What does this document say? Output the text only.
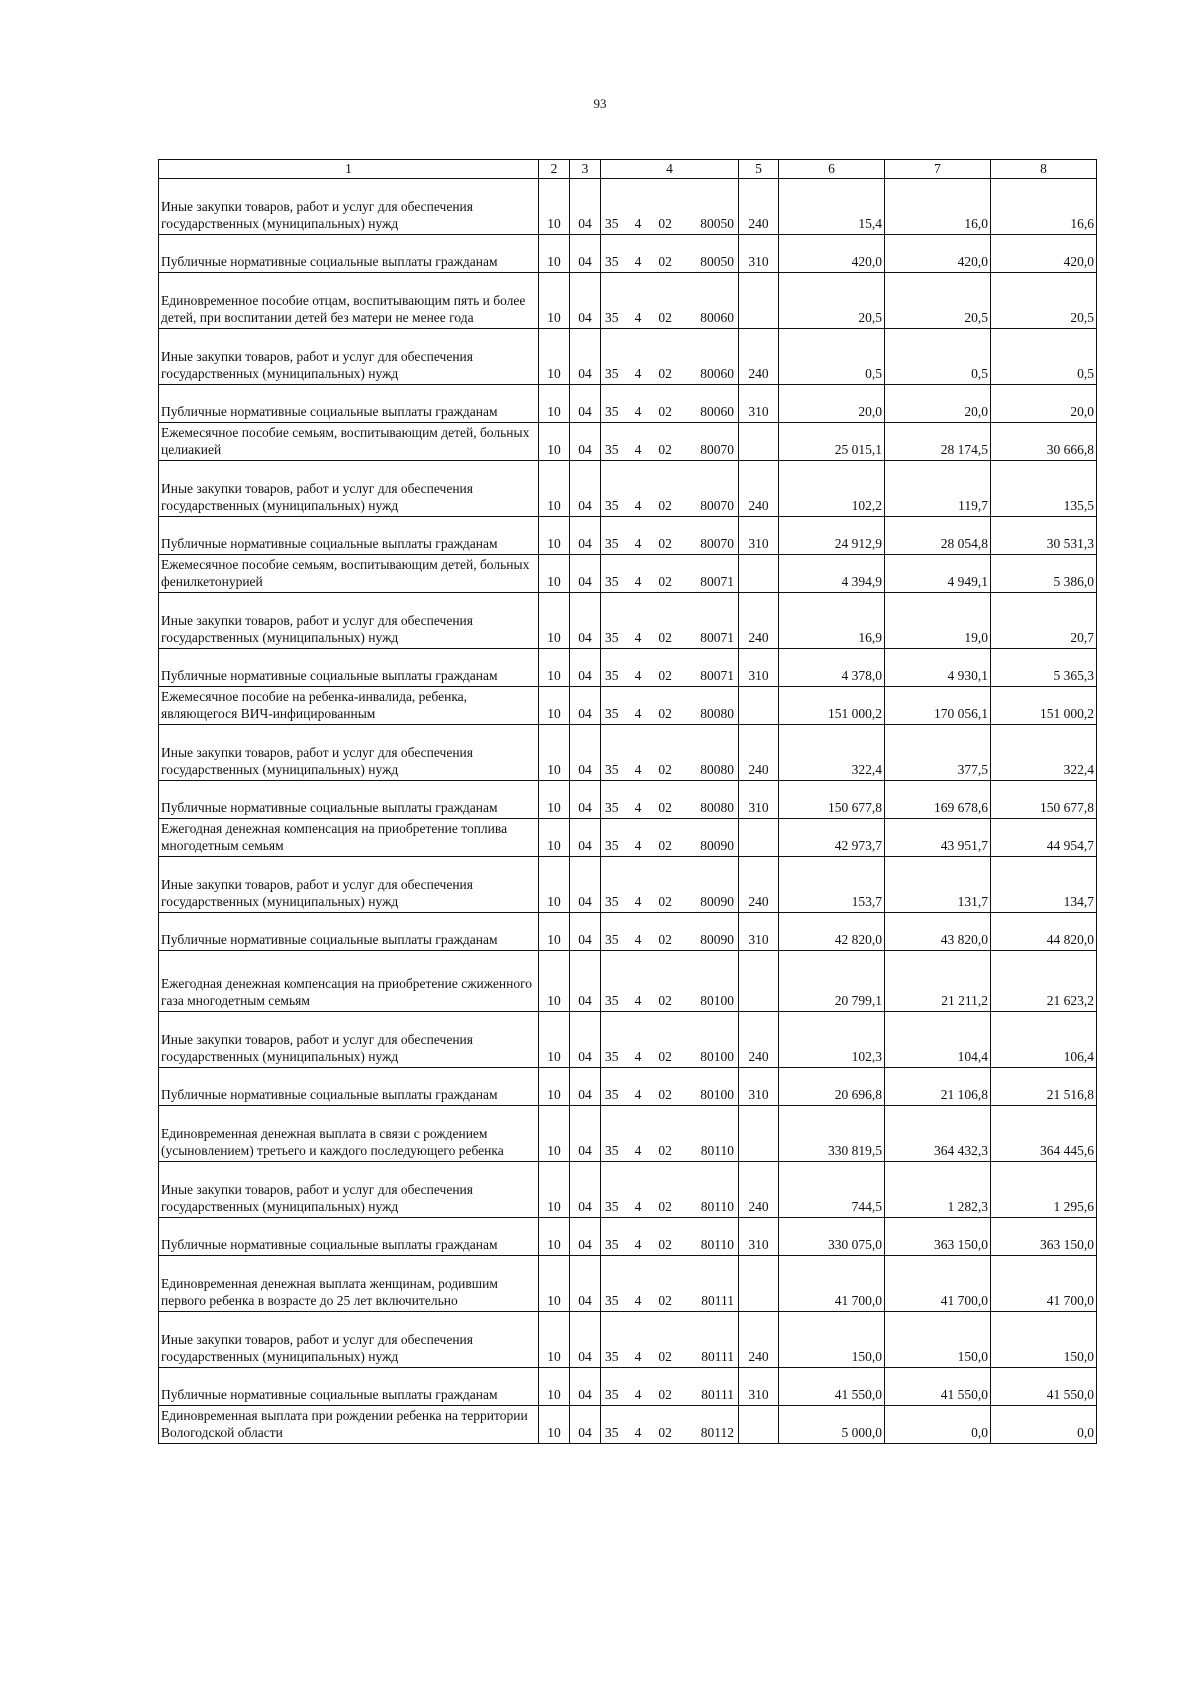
93
1	2	3	4	5	6	7	8
Иные закупки товаров, работ и услуг для обеспечения государственных (муниципальных) нужд	10	04	35 4 02 80050	240	15,4	16,0	16,6
Публичные нормативные социальные выплаты гражданам	10	04	35 4 02 80050	310	420,0	420,0	420,0
Единовременное пособие отцам, воспитывающим пять и более детей, при воспитании детей без матери не менее года	10	04	35 4 02 80060		20,5	20,5	20,5
Иные закупки товаров, работ и услуг для обеспечения государственных (муниципальных) нужд	10	04	35 4 02 80060	240	0,5	0,5	0,5
Публичные нормативные социальные выплаты гражданам	10	04	35 4 02 80060	310	20,0	20,0	20,0
Ежемесячное пособие семьям, воспитывающим детей, больных целиакией	10	04	35 4 02 80070		25 015,1	28 174,5	30 666,8
Иные закупки товаров, работ и услуг для обеспечения государственных (муниципальных) нужд	10	04	35 4 02 80070	240	102,2	119,7	135,5
Публичные нормативные социальные выплаты гражданам	10	04	35 4 02 80070	310	24 912,9	28 054,8	30 531,3
Ежемесячное пособие семьям, воспитывающим детей, больных фенилкетонурией	10	04	35 4 02 80071		4 394,9	4 949,1	5 386,0
Иные закупки товаров, работ и услуг для обеспечения государственных (муниципальных) нужд	10	04	35 4 02 80071	240	16,9	19,0	20,7
Публичные нормативные социальные выплаты гражданам	10	04	35 4 02 80071	310	4 378,0	4 930,1	5 365,3
Ежемесячное пособие на ребенка-инвалида, ребенка, являющегося ВИЧ-инфицированным	10	04	35 4 02 80080		151 000,2	170 056,1	151 000,2
Иные закупки товаров, работ и услуг для обеспечения государственных (муниципальных) нужд	10	04	35 4 02 80080	240	322,4	377,5	322,4
Публичные нормативные социальные выплаты гражданам	10	04	35 4 02 80080	310	150 677,8	169 678,6	150 677,8
Ежегодная денежная компенсация на приобретение топлива многодетным семьям	10	04	35 4 02 80090		42 973,7	43 951,7	44 954,7
Иные закупки товаров, работ и услуг для обеспечения государственных (муниципальных) нужд	10	04	35 4 02 80090	240	153,7	131,7	134,7
Публичные нормативные социальные выплаты гражданам	10	04	35 4 02 80090	310	42 820,0	43 820,0	44 820,0
Ежегодная денежная компенсация на приобретение сжиженного газа многодетным семьям	10	04	35 4 02 80100		20 799,1	21 211,2	21 623,2
Иные закупки товаров, работ и услуг для обеспечения государственных (муниципальных) нужд	10	04	35 4 02 80100	240	102,3	104,4	106,4
Публичные нормативные социальные выплаты гражданам	10	04	35 4 02 80100	310	20 696,8	21 106,8	21 516,8
Единовременная денежная выплата в связи с рождением (усыновлением) третьего и каждого последующего ребенка	10	04	35 4 02 80110		330 819,5	364 432,3	364 445,6
Иные закупки товаров, работ и услуг для обеспечения государственных (муниципальных) нужд	10	04	35 4 02 80110	240	744,5	1 282,3	1 295,6
Публичные нормативные социальные выплаты гражданам	10	04	35 4 02 80110	310	330 075,0	363 150,0	363 150,0
Единовременная денежная выплата женщинам, родившим первого ребенка в возрасте до 25 лет включительно	10	04	35 4 02 80111		41 700,0	41 700,0	41 700,0
Иные закупки товаров, работ и услуг для обеспечения государственных (муниципальных) нужд	10	04	35 4 02 80111	240	150,0	150,0	150,0
Публичные нормативные социальные выплаты гражданам	10	04	35 4 02 80111	310	41 550,0	41 550,0	41 550,0
Единовременная выплата при рождении ребенка на территории Вологодской области	10	04	35 4 02 80112		5 000,0	0,0	0,0
